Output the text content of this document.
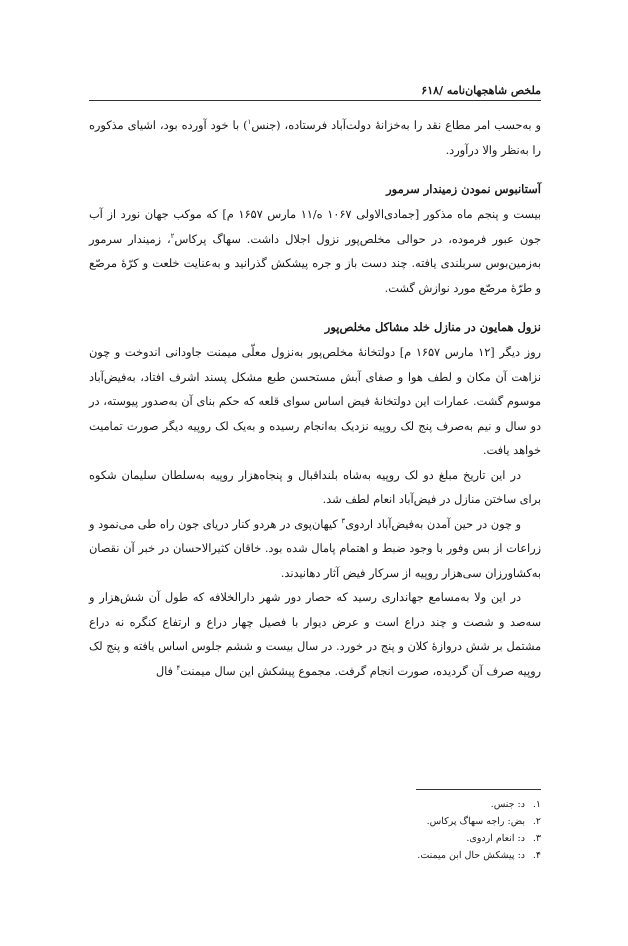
ملخص شاهجهان‌نامه /۶۱۸

و به‌حسب امر مطاع نقد را به‌خزانهٔ دولت‌آباد فرستاده، (جنس$^۱$) با خود آورده بود، اشیای مذکوره را به‌نظر والا درآورد.

آستانبوس نمودن زمیندار سرمور

بیست و پنجم ماه مذکور [جمادی‌الاولی ۱۰۶۷ ه/۱۱ مارس ۱۶۵۷ م] که موکب جهان نورد از آب جون عبور فرموده، در حوالی مخلص‌پور نزول اجلال داشت. سهاگ پرکاس$^۲$، زمیندار سرمور به‌زمین‌بوس سربلندی یافته. چند دست باز و جره پیشکش گذرانید و به‌عنایت خلعت و کرّهٔ مرصّع و طرّهٔ مرصّع مورد نوازش گشت.

نزول همایون در منازل خلد مشاکل مخلص‌پور

روز دیگر [۱۲ مارس ۱۶۵۷ م] دولتخانهٔ مخلص‌پور به‌نزول معلّی میمنت جاودانی اندوخت و چون نزاهت آن مکان و لطف هوا و صفای آبش مستحسن طبع مشکل پسند اشرف افتاد، به‌فیض‌آباد موسوم گشت. عمارات این دولتخانهٔ فیض اساس سوای قلعه که حکم بنای آن به‌صدور پیوسته، در دو سال و نیم به‌صرف پنج لک روپیه نزدیک به‌انجام رسیده و به‌یک لک روپیه دیگر صورت تمامیت خواهد یافت.

در این تاریخ مبلغ دو لک روپیه به‌شاه بلنداقبال و پنجاه‌هزار روپیه به‌سلطان سلیمان شکوه برای ساختن منازل در فیض‌آباد انعام لطف شد.

و چون در حین آمدن به‌فیض‌آباد اردوی$^۳$ کیهان‌پوی در هردو کنار دریای جون راه طی می‌نمود و زراعات از بس وفور با وجود ضبط و اهتمام پامال شده بود. خاقان کثیرالاحسان در خبر آن نقصان به‌کشاورزان سی‌هزار روپیه از سرکار فیض آثار دهانیدند.

در این ولا به‌مسامع جهانداری رسید که حصار دور شهر دارالخلافه که طول آن شش‌هزار و سه‌صد و شصت و چند دراع است و عرض دیوار با فصیل چهار دراع و ارتفاع کنگره نه دراع مشتمل بر شش دروازهٔ کلان و پنج در خورد. در سال بیست و ششم جلوس اساس یافته و پنج لک روپیه صرف آن گردیده، صورت انجام گرفت. مجموع پیشکش این سال میمنت$^۴$ فال

۱.
د: جنس.
۲.
بض: راجه سهاگ پرکاس.
۳.
د: انعام اردوی.
۴.
د: پیشکش حال ابن میمنت.
